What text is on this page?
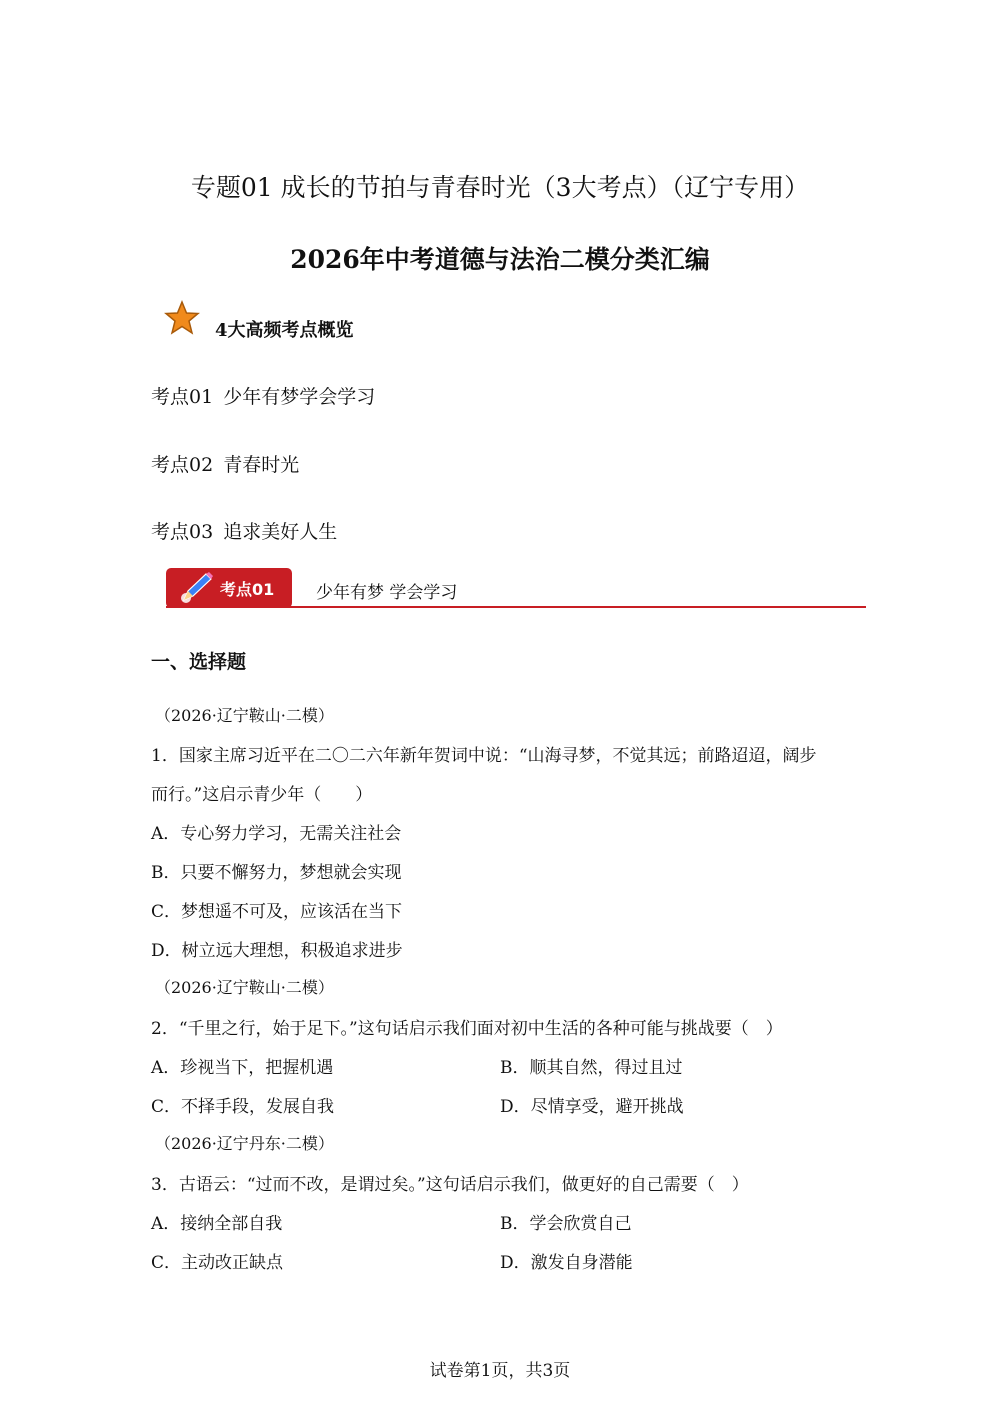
专题01 成长的节拍与青春时光（3大考点）（辽宁专用）
2026年中考道德与法治二模分类汇编
4大高频考点概览
考点01 少年有梦学会学习
考点02 青春时光
考点03 追求美好人生
考点01 少年有梦 学会学习
一、选择题
（2026·辽宁鞍山·二模）
1．国家主席习近平在二〇二六年新年贺词中说：“山海寻梦，不觉其远；前路迢迢，阔步
而行。”这启示青少年（　　）
A．专心努力学习，无需关注社会
B．只要不懈努力，梦想就会实现
C．梦想遥不可及，应该活在当下
D．树立远大理想，积极追求进步
（2026·辽宁鞍山·二模）
2．“千里之行，始于足下。”这句话启示我们面对初中生活的各种可能与挑战要（　）
A．珍视当下，把握机遇	B．顺其自然，得过且过
C．不择手段，发展自我	D．尽情享受，避开挑战
（2026·辽宁丹东·二模）
3．古语云：“过而不改，是谓过矣。”这句话启示我们，做更好的自己需要（　）
A．接纳全部自我	B．学会欣赏自己
C．主动改正缺点	D．激发自身潜能
试卷第1页，共3页
